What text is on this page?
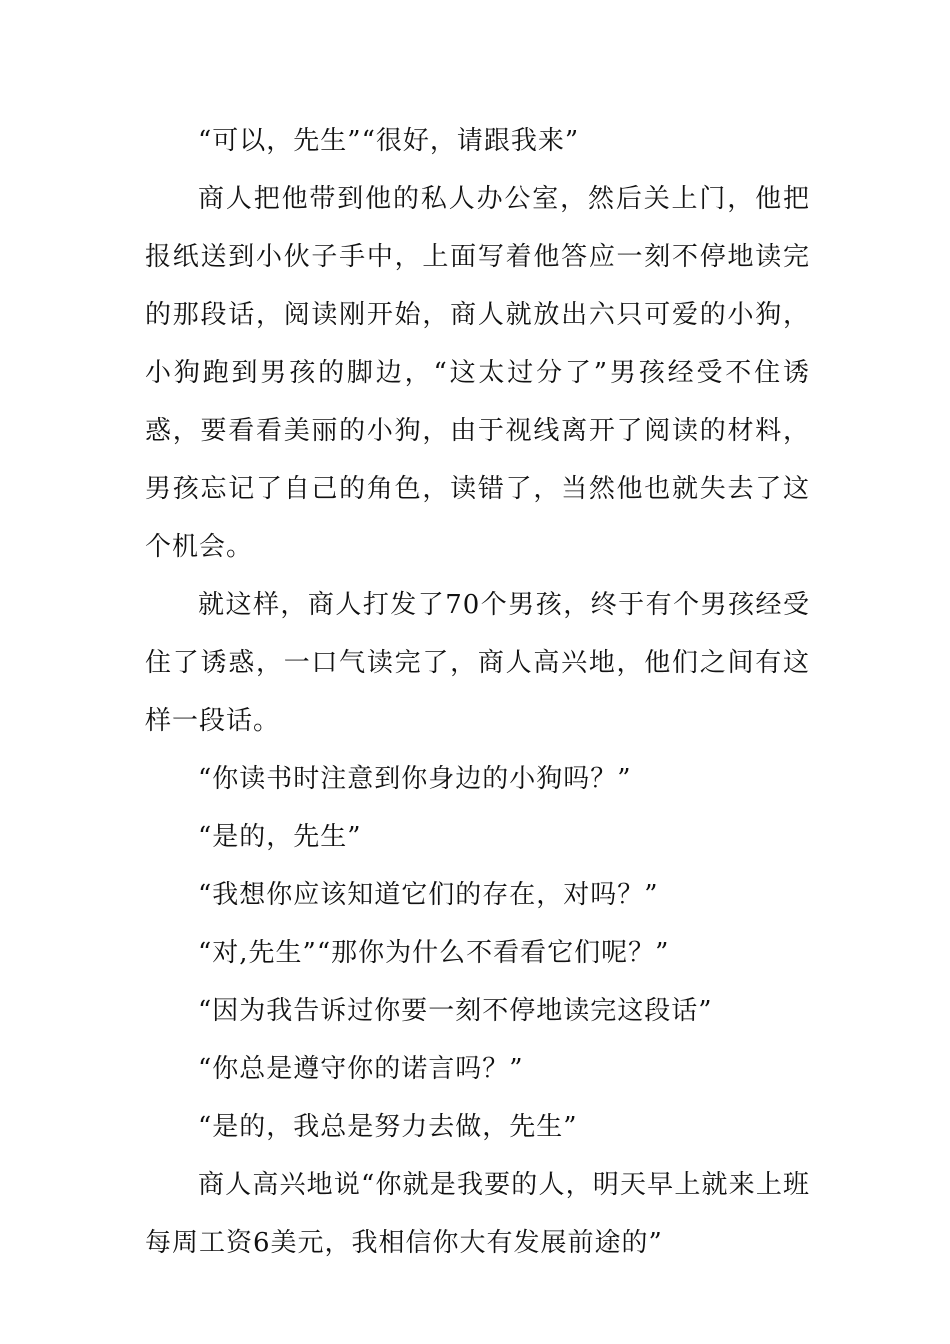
“可以，先生”“很好，请跟我来”

商人把他带到他的私人办公室，然后关上门，他把报纸送到小伙子手中，上面写着他答应一刻不停地读完的那段话，阅读刚开始，商人就放出六只可爱的小狗，小狗跑到男孩的脚边，“这太过分了”男孩经受不住诱惑，要看看美丽的小狗，由于视线离开了阅读的材料，男孩忘记了自己的角色，读错了，当然他也就失去了这个机会。

就这样，商人打发了70个男孩，终于有个男孩经受住了诱惑，一口气读完了，商人高兴地，他们之间有这样一段话。

“你读书时注意到你身边的小狗吗？”

“是的，先生”

“我想你应该知道它们的存在，对吗？”

“对,先生”“那你为什么不看看它们呢？”

“因为我告诉过你要一刻不停地读完这段话”

“你总是遵守你的诺言吗？”

“是的，我总是努力去做，先生”

商人高兴地说“你就是我要的人，明天早上就来上班每周工资6美元，我相信你大有发展前途的”
